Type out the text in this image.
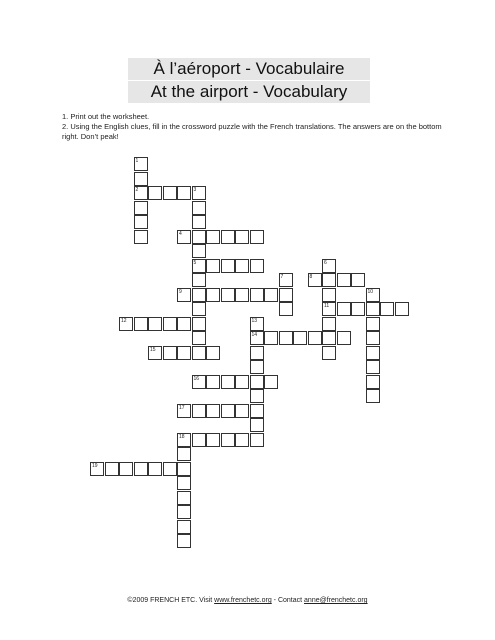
À l’aéroport - Vocabulaire
At the airport - Vocabulary
1. Print out the worksheet.
2. Using the English clues, fill in the crossword puzzle with the French translations. The answers are on the bottom right. Don’t peak!
1
2	3
5
4
6
11
8
7
9	10
12	13
14
15
16
17
18
19
©2009 FRENCH ETC. Visit www.frenchetc.org - Contact anne@frenchetc.org
